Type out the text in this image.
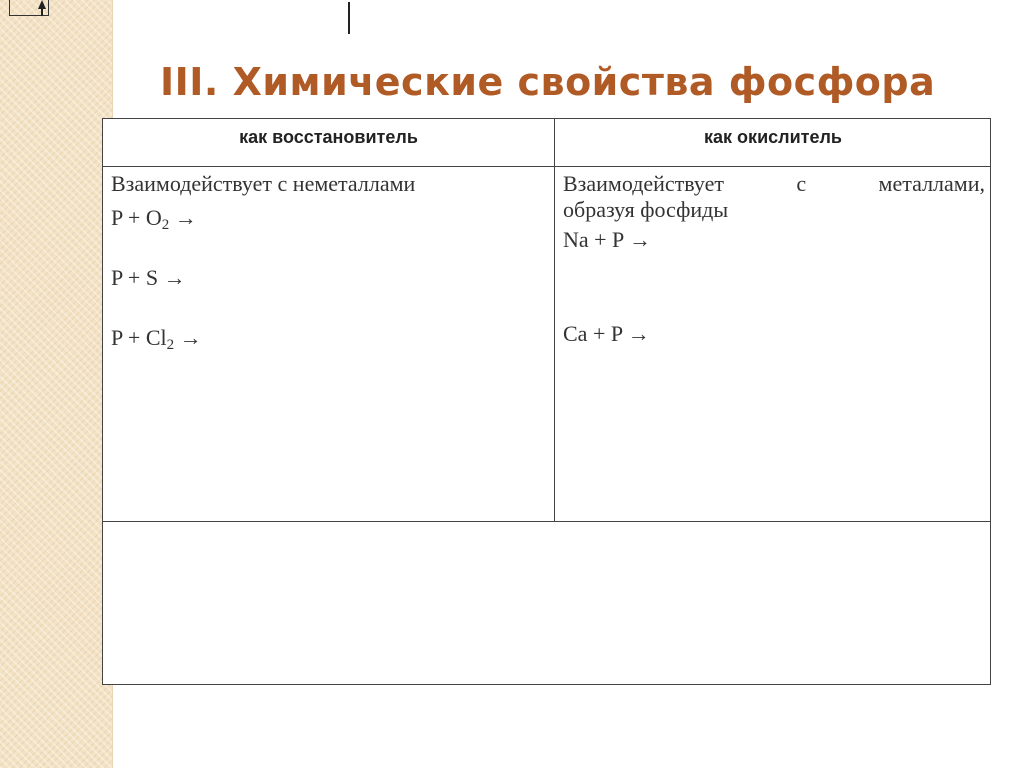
III. Химические свойства фосфора
как восстановитель	как окислитель
Взаимодействует с неметаллами
$P + O_2$ →
P + S →
$P + Cl_2$ →
Взаимодействует с металлами,
образуя фосфиды
Na + P →
Ca + P →
